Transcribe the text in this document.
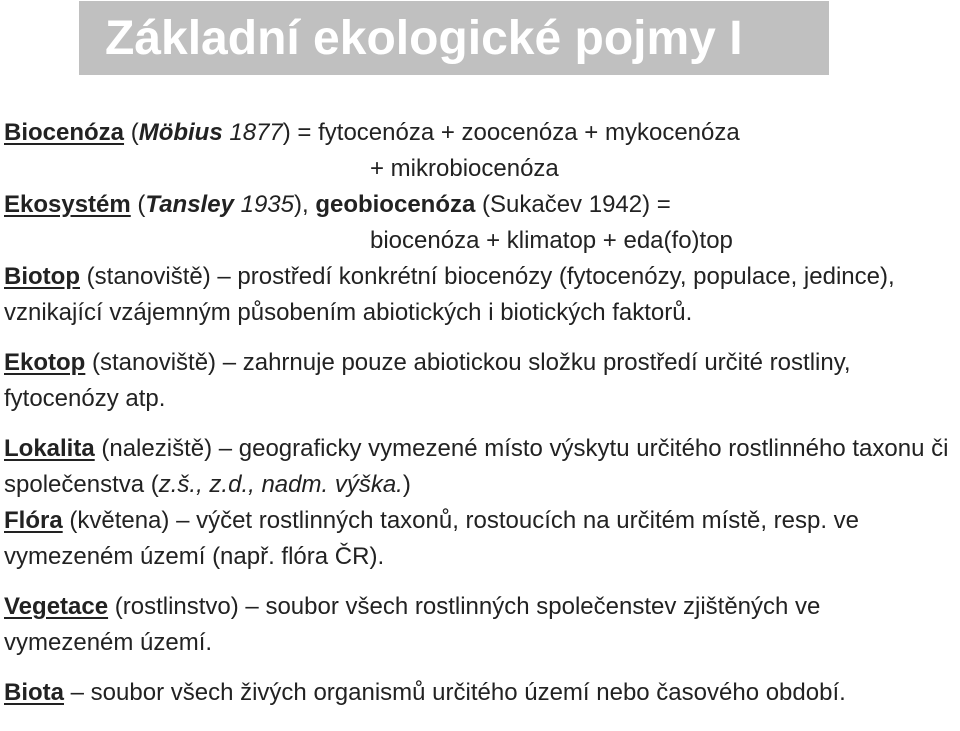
Základní ekologické pojmy I

Biocenóza (Möbius 1877) = fytocenóza + zoocenóza + mykocenóza

+ mikrobiocenóza

Ekosystém (Tansley 1935), geobiocenóza (Sukačev 1942) =

biocenóza + klimatop + eda(fo)top

Biotop (stanoviště) – prostředí konkrétní biocenózy (fytocenózy, populace, jedince), vznikající vzájemným působením abiotických i biotických faktorů.

Ekotop (stanoviště) – zahrnuje pouze abiotickou složku prostředí určité rostliny, fytocenózy atp.

Lokalita (naleziště) – geograficky vymezené místo výskytu určitého rostlinného taxonu či společenstva (z.š., z.d., nadm. výška.)

Flóra (květena) – výčet rostlinných taxonů, rostoucích na určitém místě, resp. ve vymezeném území (např. flóra ČR).

Vegetace (rostlinstvo) – soubor všech rostlinných společenstev zjištěných ve vymezeném území.

Biota – soubor všech živých organismů určitého území nebo časového období.
